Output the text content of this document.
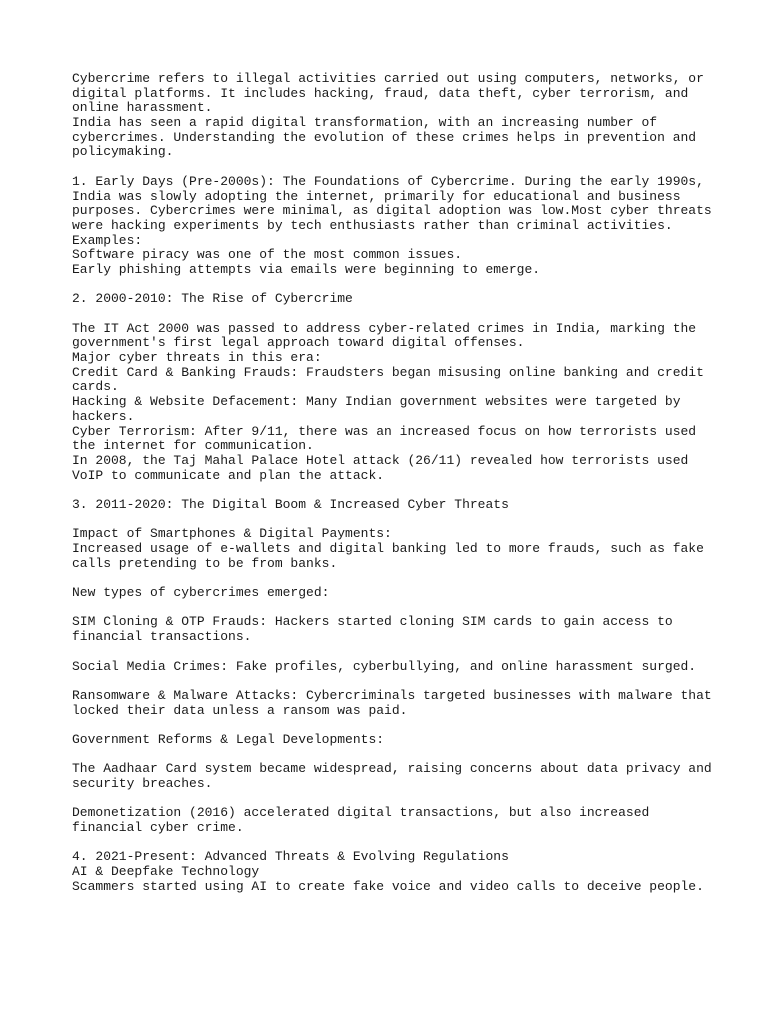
Cybercrime refers to illegal activities carried out using computers, networks, or
digital platforms. It includes hacking, fraud, data theft, cyber terrorism, and
online harassment.
India has seen a rapid digital transformation, with an increasing number of
cybercrimes. Understanding the evolution of these crimes helps in prevention and
policymaking.
1. Early Days (Pre-2000s): The Foundations of Cybercrime. During the early 1990s,
India was slowly adopting the internet, primarily for educational and business
purposes. Cybercrimes were minimal, as digital adoption was low.Most cyber threats
were hacking experiments by tech enthusiasts rather than criminal activities.
Examples:
Software piracy was one of the most common issues.
Early phishing attempts via emails were beginning to emerge.
2. 2000-2010: The Rise of Cybercrime
The IT Act 2000 was passed to address cyber-related crimes in India, marking the
government's first legal approach toward digital offenses.
Major cyber threats in this era:
Credit Card & Banking Frauds: Fraudsters began misusing online banking and credit
cards.
Hacking & Website Defacement: Many Indian government websites were targeted by
hackers.
Cyber Terrorism: After 9/11, there was an increased focus on how terrorists used
the internet for communication.
In 2008, the Taj Mahal Palace Hotel attack (26/11) revealed how terrorists used
VoIP to communicate and plan the attack.
3. 2011-2020: The Digital Boom & Increased Cyber Threats
Impact of Smartphones & Digital Payments:
Increased usage of e-wallets and digital banking led to more frauds, such as fake
calls pretending to be from banks.
New types of cybercrimes emerged:
SIM Cloning & OTP Frauds: Hackers started cloning SIM cards to gain access to
financial transactions.
Social Media Crimes: Fake profiles, cyberbullying, and online harassment surged.
Ransomware & Malware Attacks: Cybercriminals targeted businesses with malware that
locked their data unless a ransom was paid.
Government Reforms & Legal Developments:
The Aadhaar Card system became widespread, raising concerns about data privacy and
security breaches.
Demonetization (2016) accelerated digital transactions, but also increased
financial cyber crime.
4. 2021-Present: Advanced Threats & Evolving Regulations
AI & Deepfake Technology
Scammers started using AI to create fake voice and video calls to deceive people.
